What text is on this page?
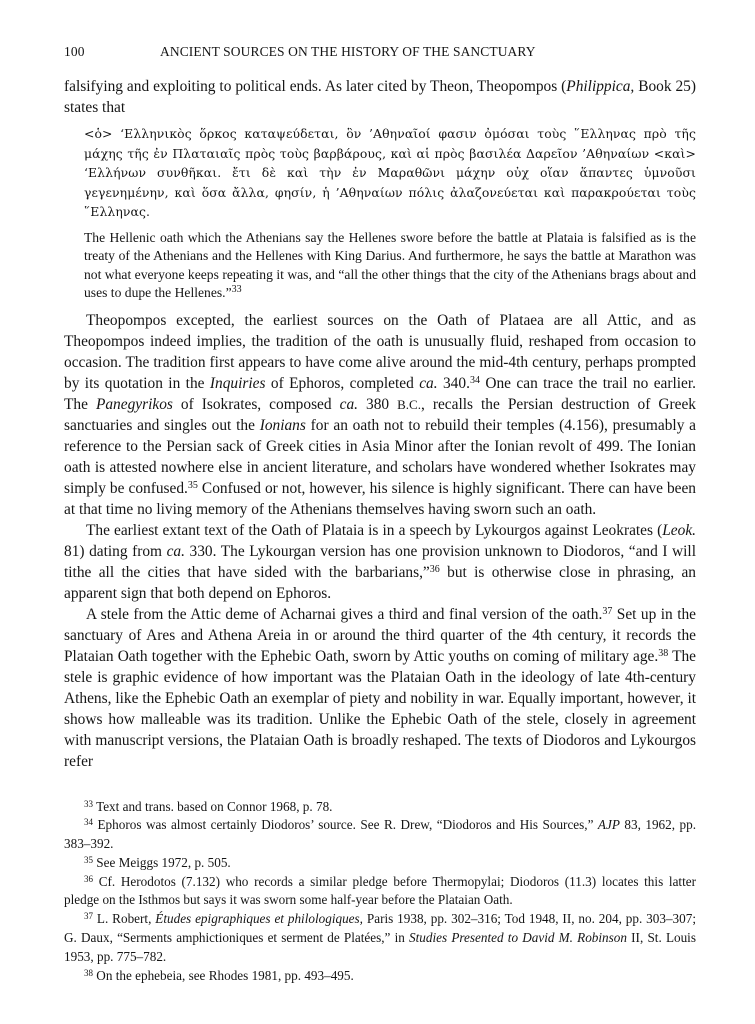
100	ANCIENT SOURCES ON THE HISTORY OF THE SANCTUARY

falsifying and exploiting to political ends. As later cited by Theon, Theopompos (Philippica, Book 25) states that

<ὁ> ‘Ελληνικὸς ὅρκος καταψεύδεται, ὃν ’Αθηναῖοί φασιν ὀμόσαι τοὺς ῞Ελληνας πρὸ τῆς μάχης τῆς ἐν Πλαταιαῖς πρὸς τοὺς βαρβάρους, καὶ αἱ πρὸς βασιλέα Δαρεῖον ’Αθηναίων <καὶ> ‘Ελλήνων συνθῆκαι. ἔτι δὲ καὶ τὴν ἐν Μαραθῶνι μάχην οὐχ οἵαν ἅπαντες ὑμνοῦσι γεγενημένην, καὶ ὅσα ἄλλα, φησίν, ἡ ’Αθηναίων πόλις ἀλαζονεύεται καὶ παρακρούεται τοὺς ῞Ελληνας.
The Hellenic oath which the Athenians say the Hellenes swore before the battle at Plataia is falsified as is the treaty of the Athenians and the Hellenes with King Darius. And furthermore, he says the battle at Marathon was not what everyone keeps repeating it was, and “all the other things that the city of the Athenians brags about and uses to dupe the Hellenes.”$^{33}$

Theopompos excepted, the earliest sources on the Oath of Plataea are all Attic, and as Theopompos indeed implies, the tradition of the oath is unusually fluid, reshaped from occasion to occasion. The tradition first appears to have come alive around the mid-4th century, perhaps prompted by its quotation in the Inquiries of Ephoros, completed ca. 340.34 One can trace the trail no earlier. The Panegyrikos of Isokrates, composed ca. 380 B.C., recalls the Persian destruction of Greek sanctuaries and singles out the Ionians for an oath not to rebuild their temples (4.156), presumably a reference to the Persian sack of Greek cities in Asia Minor after the Ionian revolt of 499. The Ionian oath is attested nowhere else in ancient literature, and scholars have wondered whether Isokrates may simply be confused.$^{35}$ Confused or not, however, his silence is highly significant. There can have been at that time no living memory of the Athenians themselves having sworn such an oath.

The earliest extant text of the Oath of Plataia is in a speech by Lykourgos against Leokrates (Leok. 81) dating from ca. 330. The Lykourgan version has one provision unknown to Diodoros, “and I will tithe all the cities that have sided with the barbarians,”$^{36}$ but is otherwise close in phrasing, an apparent sign that both depend on Ephoros.

A stele from the Attic deme of Acharnai gives a third and final version of the oath.$^{37}$ Set up in the sanctuary of Ares and Athena Areia in or around the third quarter of the 4th century, it records the Plataian Oath together with the Ephebic Oath, sworn by Attic youths on coming of military age.$^{38}$ The stele is graphic evidence of how important was the Plataian Oath in the ideology of late 4th-century Athens, like the Ephebic Oath an exemplar of piety and nobility in war. Equally important, however, it shows how malleable was its tradition. Unlike the Ephebic Oath of the stele, closely in agreement with manuscript versions, the Plataian Oath is broadly reshaped. The texts of Diodoros and Lykourgos refer

$^{33}$ Text and trans. based on Connor 1968, p. 78.

$^{34}$ Ephoros was almost certainly Diodoros’ source. See R. Drew, “Diodoros and His Sources,” AJP 83, 1962, pp. 383–392.

$^{35}$ See Meiggs 1972, p. 505.

$^{36}$ Cf. Herodotos (7.132) who records a similar pledge before Thermopylai; Diodoros (11.3) locates this latter pledge on the Isthmos but says it was sworn some half-year before the Plataian Oath.

$^{37}$ L. Robert, Études epigraphiques et philologiques, Paris 1938, pp. 302–316; Tod 1948, II, no. 204, pp. 303–307; G. Daux, “Serments amphictioniques et serment de Platées,” in Studies Presented to David M. Robinson II, St. Louis 1953, pp. 775–782.

$^{38}$ On the ephebeia, see Rhodes 1981, pp. 493–495.
